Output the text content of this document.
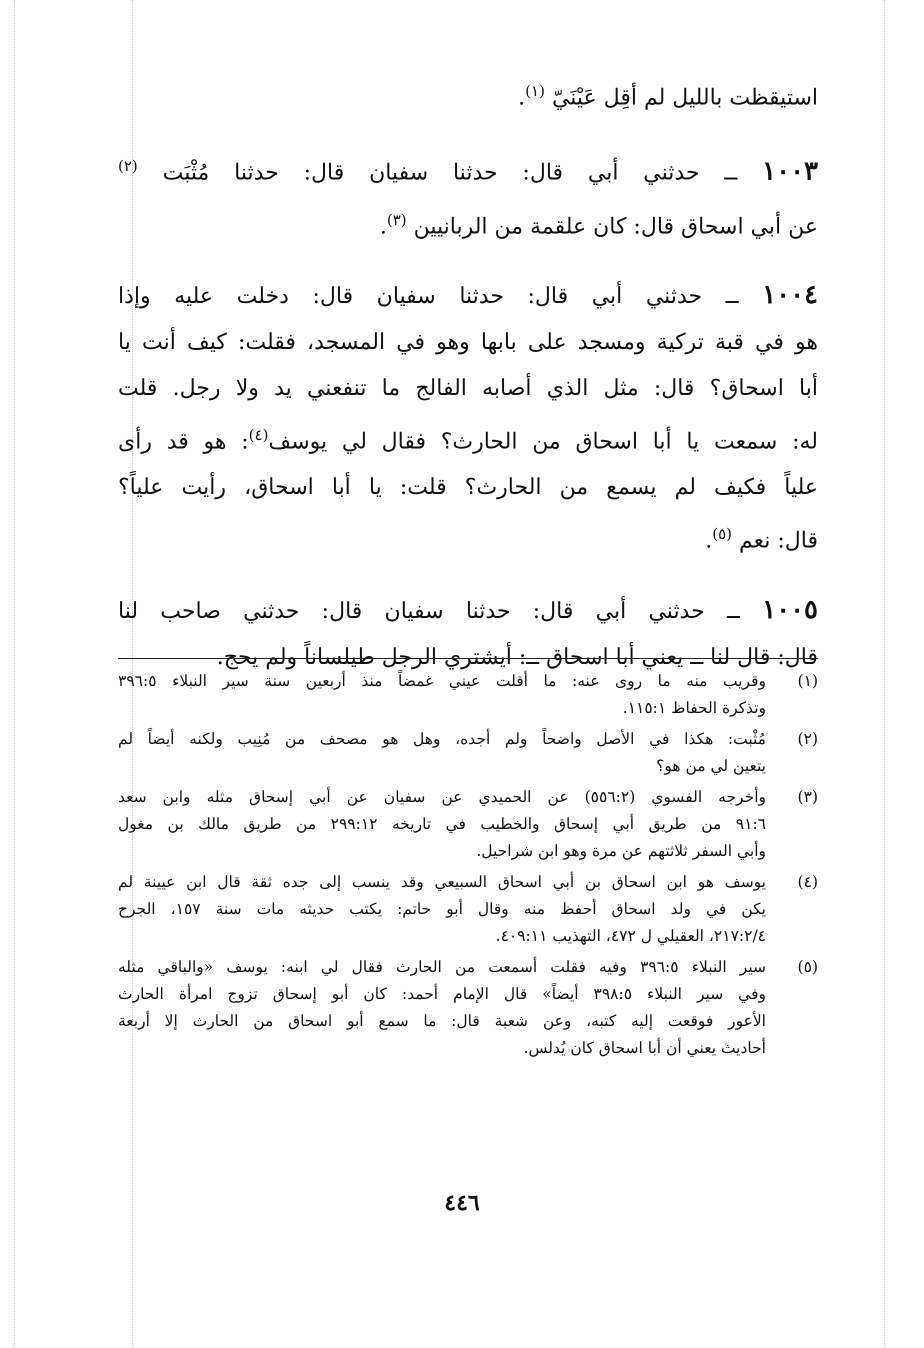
استيقظت بالليل لم أقِل عَيْنَيّ $^{(١)}$.
١٠٠٣ ــ حدثني أبي قال: حدثنا سفيان قال: حدثنا مُثْبَت $^{(٢)}$
عن أبي اسحاق قال: كان علقمة من الربانيين $^{(٣)}$.
١٠٠٤ ــ حدثني أبي قال: حدثنا سفيان قال: دخلت عليه وإذا
هو في قبة تركية ومسجد على بابها وهو في المسجد، فقلت: كيف أنت يا
أبا اسحاق؟ قال: مثل الذي أصابه الفالج ما تنفعني يد ولا رجل. قلت
له: سمعت يا أبا اسحاق من الحارث؟ فقال لي يوسف$^{(٤)}$: هو قد رأى
علياً فكيف لم يسمع من الحارث؟ قلت: يا أبا اسحاق، رأيت علياً؟
قال: نعم $^{(٥)}$.
١٠٠٥ ــ حدثني أبي قال: حدثنا سفيان قال: حدثني صاحب لنا
قال: قال لنا ــ يعني أبا اسحاق ــ: أيشتري الرجل طيلساناً ولم يحج.
(١)
وقريب منه ما روى عنه: ما أقلت عيني غمضاً منذ أربعين سنة سير النبلاء ٣٩٦:٥
وتذكرة الحفاظ ١١٥:١.
(٢)
مُثْبت: هكذا في الأصل واضحاً ولم أجده، وهل هو مصحف من مُنِيب ولكنه أيضاً لم
يتعين لي من هو؟
(٣)
وأخرجه الفسوي (٥٥٦:٢) عن الحميدي عن سفيان عن أبي إسحاق مثله وابن سعد
٩١:٦ من طريق أبي إسحاق والخطيب في تاريخه ٢٩٩:١٢ من طريق مالك بن مغول
وأبي السفر ثلاثتهم عن مرة وهو ابن شراحيل.
(٤)
يوسف هو ابن اسحاق بن أبي اسحاق السبيعي وقد ينسب إلى جده ثقة قال ابن عيينة لم
يكن في ولد اسحاق أحفظ منه وقال أبو حاتم: يكتب حديثه مات سنة ١٥٧، الجرح
٢١٧:٢/٤، العقيلي ل ٤٧٢، التهذيب ٤٠٩:١١.
(٥)
سير النبلاء ٣٩٦:٥ وفيه فقلت أسمعت من الحارث فقال لي ابنه: يوسف «والباقي مثله
وفي سير النبلاء ٣٩٨:٥ أيضاً» قال الإمام أحمد: كان أبو إسحاق تزوج امرأة الحارث
الأعور فوقعت إليه كتبه، وعن شعبة قال: ما سمع أبو اسحاق من الحارث إلا أربعة
أحاديث يعني أن أبا اسحاق كان يُدلس.
٤٤٦
